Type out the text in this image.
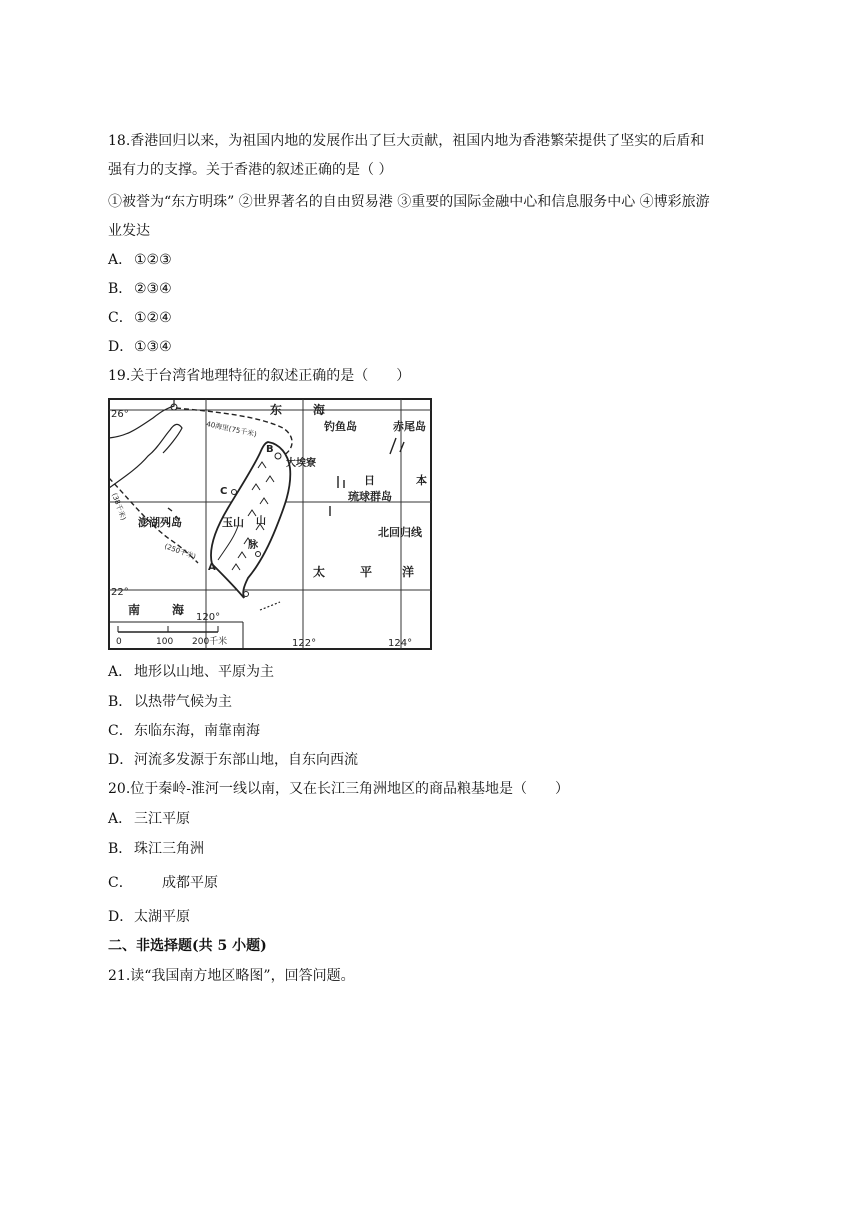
18.香港回归以来，为祖国内地的发展作出了巨大贡献，祖国内地为香港繁荣提供了坚实的后盾和
强有力的支撑。关于香港的叙述正确的是（ ）
①被誉为“东方明珠” ②世界著名的自由贸易港 ③重要的国际金融中心和信息服务中心 ④博彩旅游
业发达
A． ①②③
B． ②③④
C．①②④
D．①③④
19.关于台湾省地理特征的叙述正确的是（　　）
26°
22°
120°
122°	124°
东	海
钓鱼岛	赤尾岛
40海里(75千米)
(250千米)
(38千米)
大埃寮
B
C
A
日	本
琉球群岛
澎湖列岛	玉山 山
脉
北回归线
太	平 洋
南	海
0	100 200千米
A． 地形以山地、平原为主
B． 以热带气候为主
C．东临东海，南靠南海
D．河流多发源于东部山地，自东向西流
20.位于秦岭-淮河一线以南，又在长江三角洲地区的商品粮基地是（　　）
A． 三江平原
B． 珠江三角洲
C． 成都平原
D．太湖平原
二、非选择题(共 5 小题)
21.读“我国南方地区略图”，回答问题。
